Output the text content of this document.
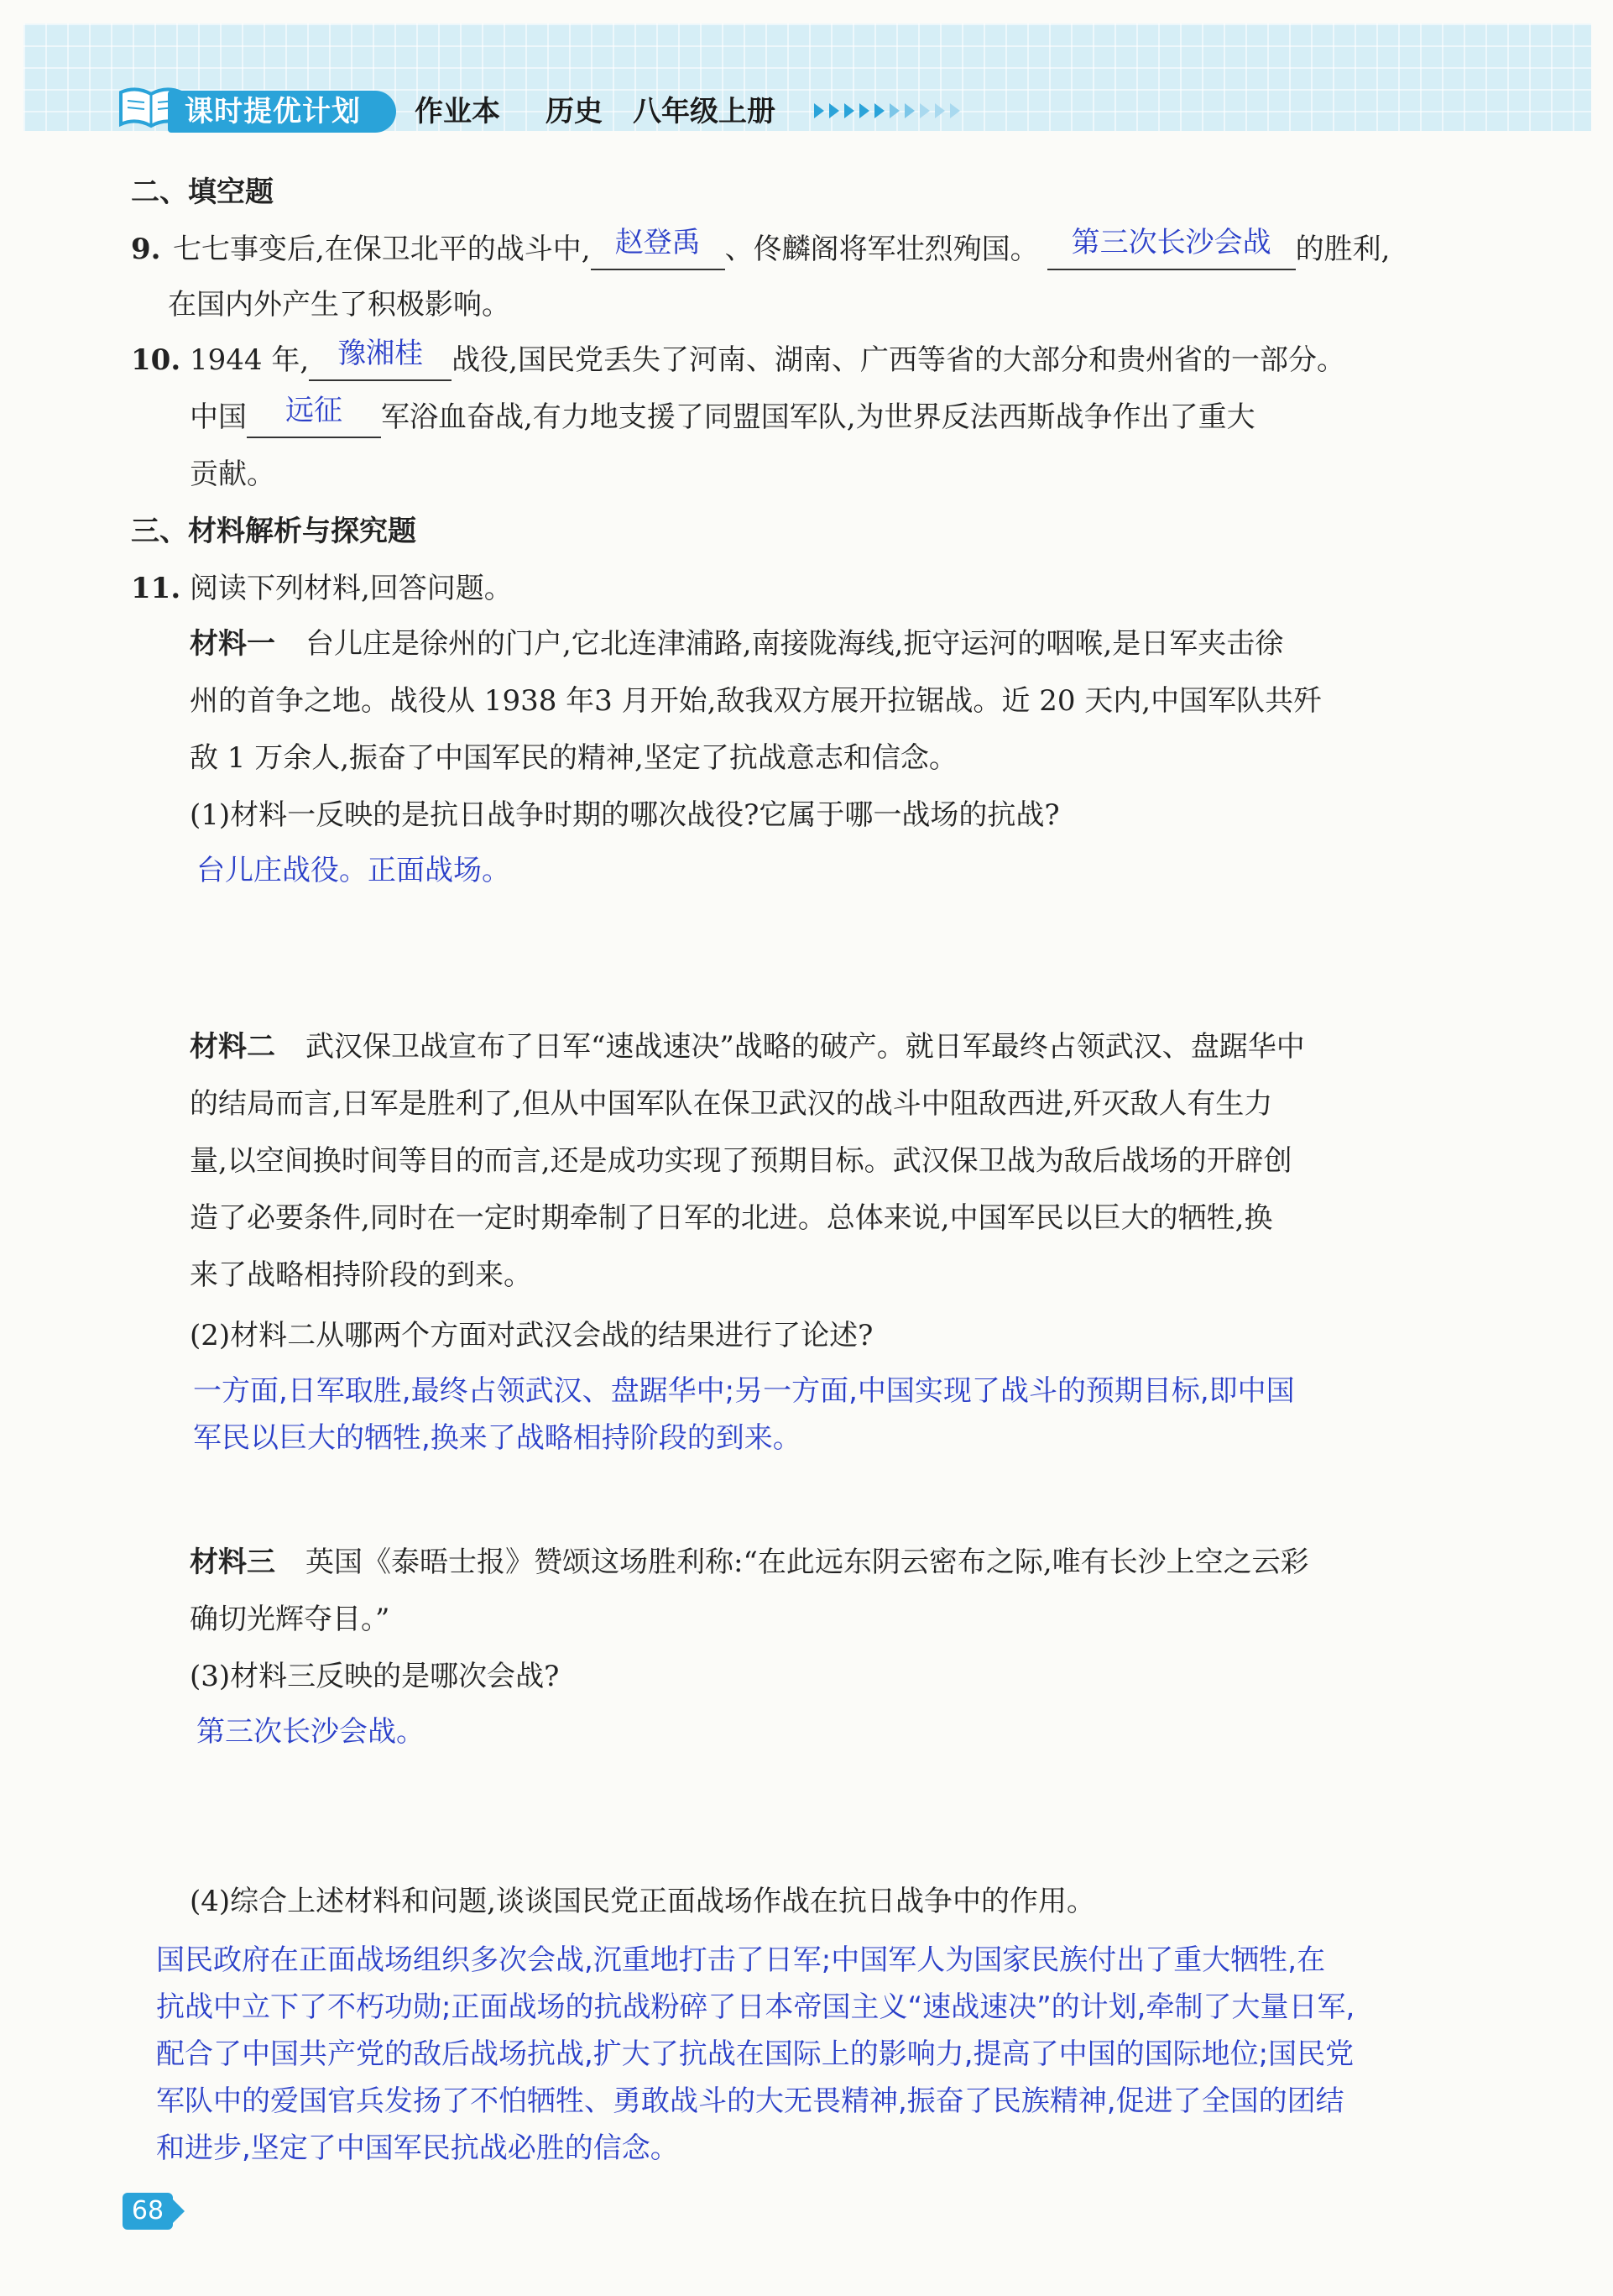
课时提优计划	作业本 历史 八年级上册
二、填空题
9. 七七事变后,在保卫北平的战斗中, 赵登禹 、佟麟阁将军壮烈殉国。 第三次长沙会战 的胜利,
在国内外产生了积极影响。
10. 1944 年, 豫湘桂 战役,国民党丢失了河南、湖南、广西等省的大部分和贵州省的一部分。
中国 远征 军浴血奋战,有力地支援了同盟国军队,为世界反法西斯战争作出了重大
贡献。
三、材料解析与探究题
11. 阅读下列材料,回答问题。
材料一 台儿庄是徐州的门户,它北连津浦路,南接陇海线,扼守运河的咽喉,是日军夹击徐
州的首争之地。战役从 1938 年3 月开始,敌我双方展开拉锯战。近 20 天内,中国军队共歼
敌 1 万余人,振奋了中国军民的精神,坚定了抗战意志和信念。
(1)材料一反映的是抗日战争时期的哪次战役?它属于哪一战场的抗战?
台儿庄战役。正面战场。
材料二 武汉保卫战宣布了日军“速战速决”战略的破产。就日军最终占领武汉、盘踞华中
的结局而言,日军是胜利了,但从中国军队在保卫武汉的战斗中阻敌西进,歼灭敌人有生力
量,以空间换时间等目的而言,还是成功实现了预期目标。武汉保卫战为敌后战场的开辟创
造了必要条件,同时在一定时期牵制了日军的北进。总体来说,中国军民以巨大的牺牲,换
来了战略相持阶段的到来。
(2)材料二从哪两个方面对武汉会战的结果进行了论述?
一方面,日军取胜,最终占领武汉、盘踞华中;另一方面,中国实现了战斗的预期目标,即中国
军民以巨大的牺牲,换来了战略相持阶段的到来。
材料三 英国《泰晤士报》赞颂这场胜利称:“在此远东阴云密布之际,唯有长沙上空之云彩
确切光辉夺目。”
(3)材料三反映的是哪次会战?
第三次长沙会战。
(4)综合上述材料和问题,谈谈国民党正面战场作战在抗日战争中的作用。
国民政府在正面战场组织多次会战,沉重地打击了日军;中国军人为国家民族付出了重大牺牲,在
抗战中立下了不朽功勋;正面战场的抗战粉碎了日本帝国主义“速战速决”的计划,牵制了大量日军,
配合了中国共产党的敌后战场抗战,扩大了抗战在国际上的影响力,提高了中国的国际地位;国民党
军队中的爱国官兵发扬了不怕牺牲、勇敢战斗的大无畏精神,振奋了民族精神,促进了全国的团结
和进步,坚定了中国军民抗战必胜的信念。
68
